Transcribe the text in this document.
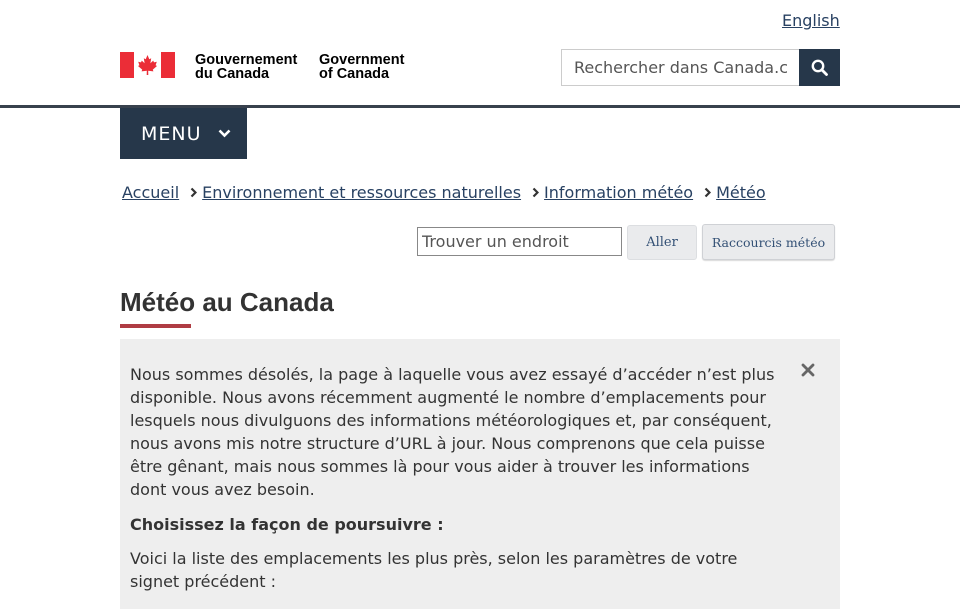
English
Gouvernement
du Canada
Government
of Canada
Rechercher dans Canada.ca
MENU
Accueil Environnement et ressources naturelles Information météo Météo
Trouver un endroit
Aller	Raccourcis météo
Météo au Canada

Nous sommes désolés, la page à laquelle vous avez essayé d’accéder n’est plus disponible. Nous avons récemment augmenté le nombre d’emplacements pour lesquels nous divulguons des informations météorologiques et, par conséquent, nous avons mis notre structure d’URL à jour. Nous comprenons que cela puisse être gênant, mais nous sommes là pour vous aider à trouver les informations dont vous avez besoin.

Choisissez la façon de poursuivre :

Voici la liste des emplacements les plus près, selon les paramètres de votre signet précédent :
